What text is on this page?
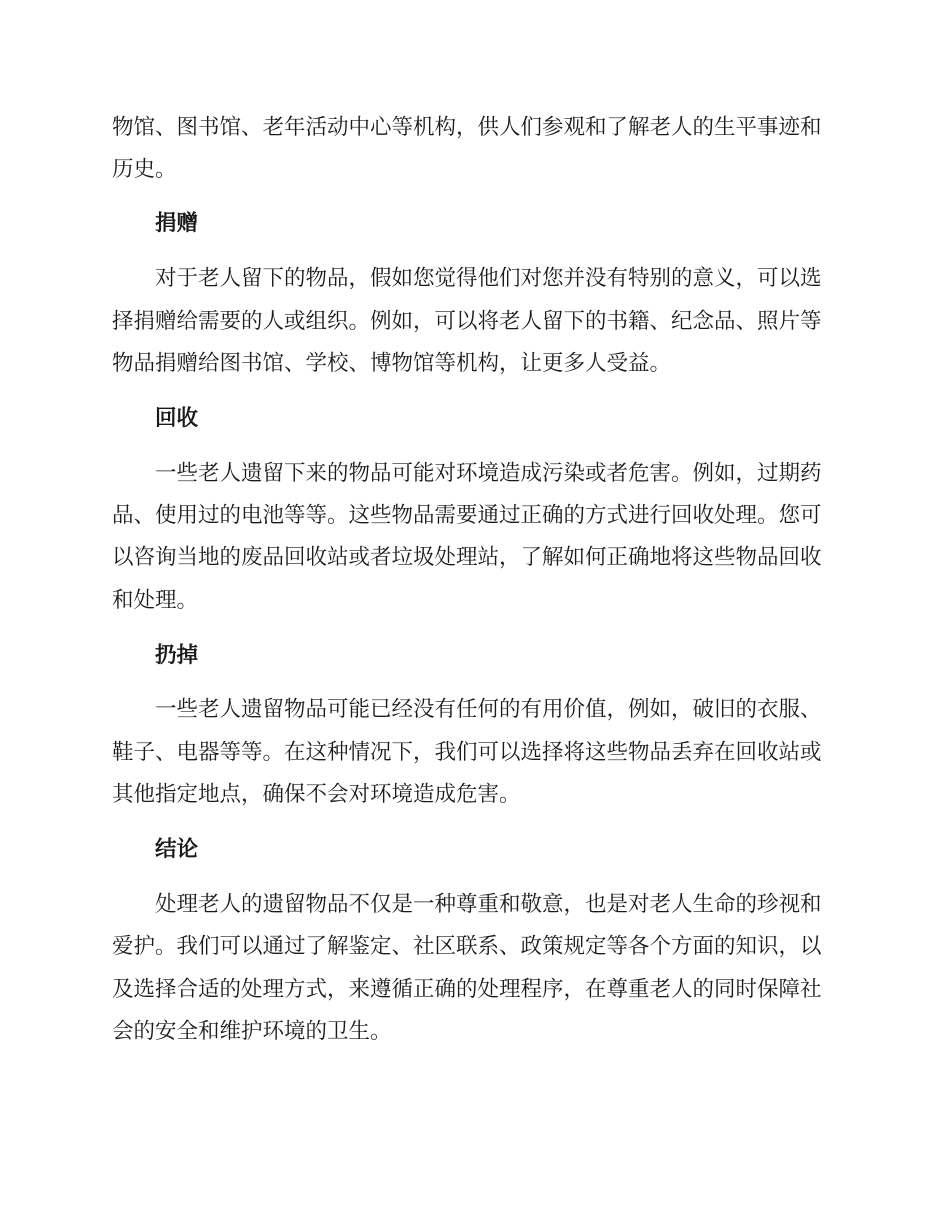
物馆、图书馆、老年活动中心等机构，供人们参观和了解老人的生平事迹和
历史。
捐赠
对于老人留下的物品，假如您觉得他们对您并没有特别的意义，可以选
择捐赠给需要的人或组织。例如，可以将老人留下的书籍、纪念品、照片等
物品捐赠给图书馆、学校、博物馆等机构，让更多人受益。
回收
一些老人遗留下来的物品可能对环境造成污染或者危害。例如，过期药
品、使用过的电池等等。这些物品需要通过正确的方式进行回收处理。您可
以咨询当地的废品回收站或者垃圾处理站，了解如何正确地将这些物品回收
和处理。
扔掉
一些老人遗留物品可能已经没有任何的有用价值，例如，破旧的衣服、
鞋子、电器等等。在这种情况下，我们可以选择将这些物品丢弃在回收站或
其他指定地点，确保不会对环境造成危害。
结论
处理老人的遗留物品不仅是一种尊重和敬意，也是对老人生命的珍视和
爱护。我们可以通过了解鉴定、社区联系、政策规定等各个方面的知识，以
及选择合适的处理方式，来遵循正确的处理程序，在尊重老人的同时保障社
会的安全和维护环境的卫生。
